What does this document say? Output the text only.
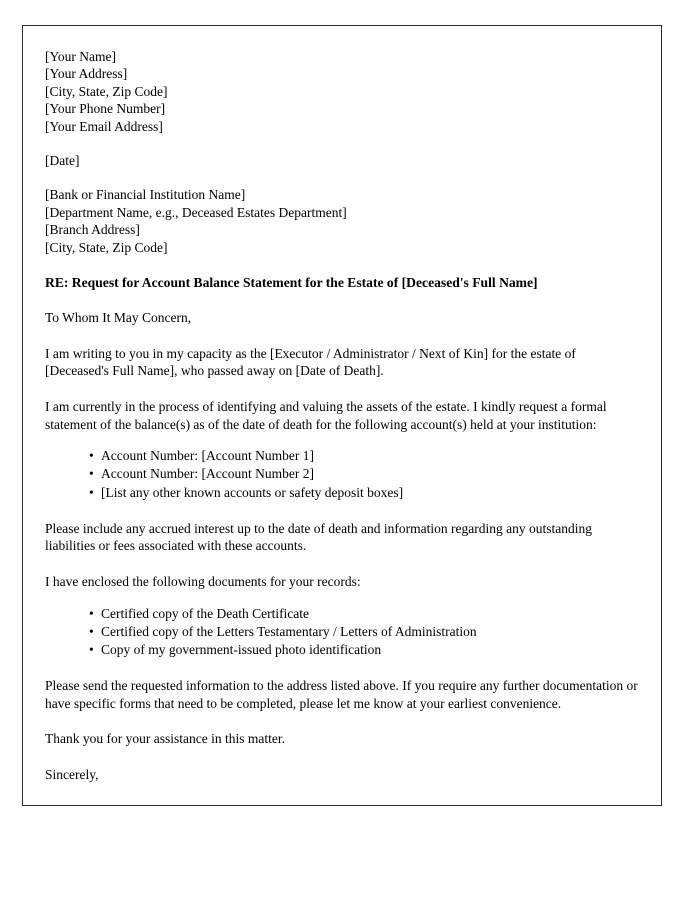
[Your Name]
[Your Address]
[City, State, Zip Code]
[Your Phone Number]
[Your Email Address]
[Date]
[Bank or Financial Institution Name]
[Department Name, e.g., Deceased Estates Department]
[Branch Address]
[City, State, Zip Code]
RE: Request for Account Balance Statement for the Estate of [Deceased's Full Name]
To Whom It May Concern,

I am writing to you in my capacity as the [Executor / Administrator / Next of Kin] for the estate of [Deceased's Full Name], who passed away on [Date of Death].

I am currently in the process of identifying and valuing the assets of the estate. I kindly request a formal statement of the balance(s) as of the date of death for the following account(s) held at your institution:

• Account Number: [Account Number 1]
• Account Number: [Account Number 2]
• [List any other known accounts or safety deposit boxes]

Please include any accrued interest up to the date of death and information regarding any outstanding liabilities or fees associated with these accounts.

I have enclosed the following documents for your records:

• Certified copy of the Death Certificate
• Certified copy of the Letters Testamentary / Letters of Administration
• Copy of my government-issued photo identification

Please send the requested information to the address listed above. If you require any further documentation or have specific forms that need to be completed, please let me know at your earliest convenience.

Thank you for your assistance in this matter.

Sincerely,
